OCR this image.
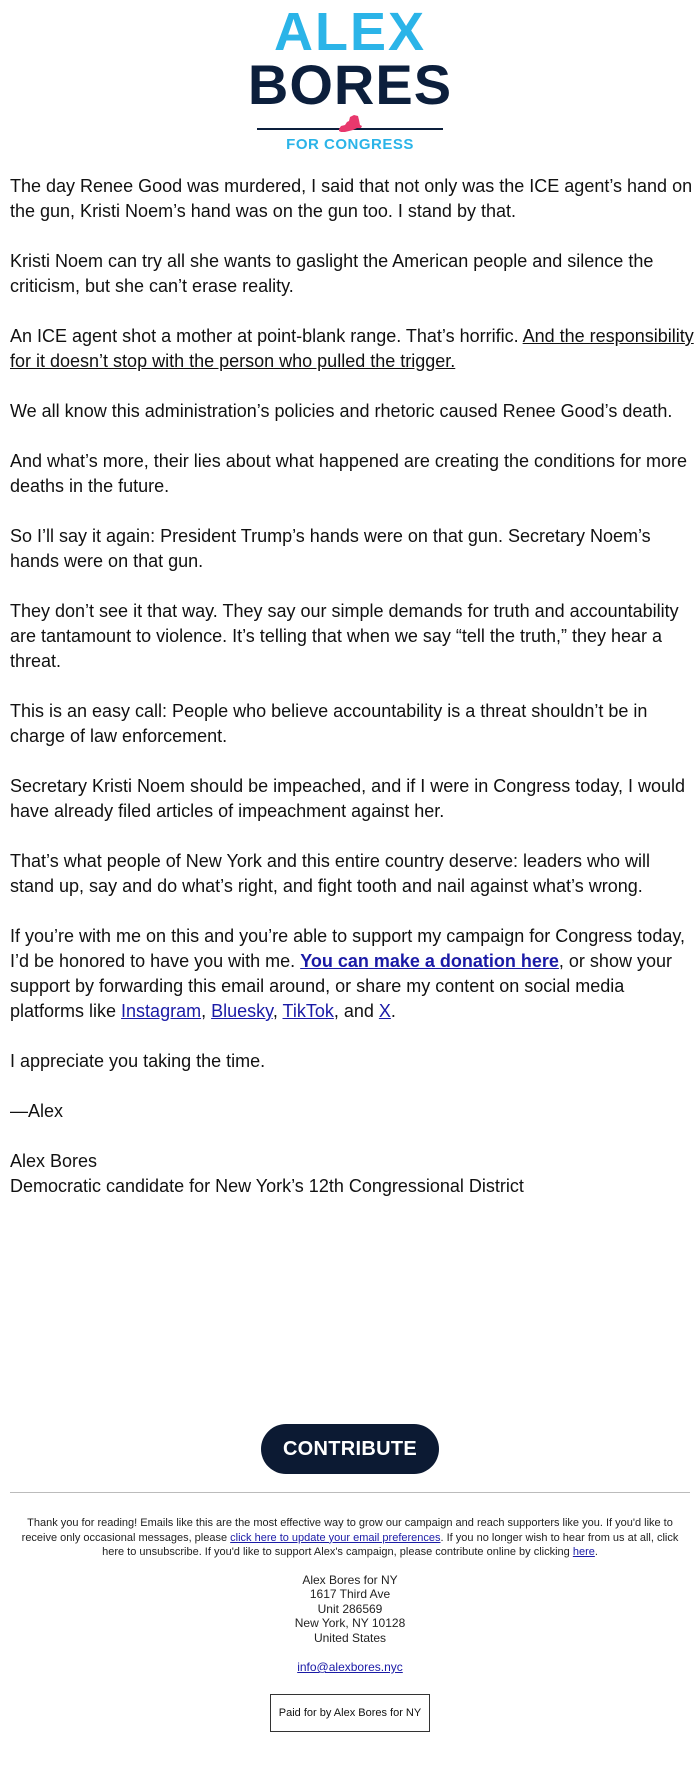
ALEX
BORES
FOR CONGRESS

The day Renee Good was murdered, I said that not only was the ICE agent’s hand on the gun, Kristi Noem’s hand was on the gun too. I stand by that.

Kristi Noem can try all she wants to gaslight the American people and silence the criticism, but she can’t erase reality.

An ICE agent shot a mother at point-blank range. That’s horrific. And the responsibility for it doesn’t stop with the person who pulled the trigger.

We all know this administration’s policies and rhetoric caused Renee Good’s death.

And what’s more, their lies about what happened are creating the conditions for more deaths in the future.

So I’ll say it again: President Trump’s hands were on that gun. Secretary Noem’s hands were on that gun.

They don’t see it that way. They say our simple demands for truth and accountability are tantamount to violence. It’s telling that when we say “tell the truth,” they hear a threat.

This is an easy call: People who believe accountability is a threat shouldn’t be in charge of law enforcement.

Secretary Kristi Noem should be impeached, and if I were in Congress today, I would have already filed articles of impeachment against her.

That’s what people of New York and this entire country deserve: leaders who will stand up, say and do what’s right, and fight tooth and nail against what’s wrong.

If you’re with me on this and you’re able to support my campaign for Congress today, I’d be honored to have you with me. You can make a donation here, or show your support by forwarding this email around, or share my content on social media platforms like Instagram, Bluesky, TikTok, and X.

I appreciate you taking the time.

—Alex

Alex Bores
Democratic candidate for New York’s 12th Congressional District
CONTRIBUTE
Thank you for reading! Emails like this are the most effective way to grow our campaign and reach supporters like you. If you'd like to receive only occasional messages, please click here to update your email preferences. If you no longer wish to hear from us at all, click here to unsubscribe. If you'd like to support Alex's campaign, please contribute online by clicking here.
Alex Bores for NY
1617 Third Ave
Unit 286569
New York, NY 10128
United States
info@alexbores.nyc
Paid for by Alex Bores for NY
